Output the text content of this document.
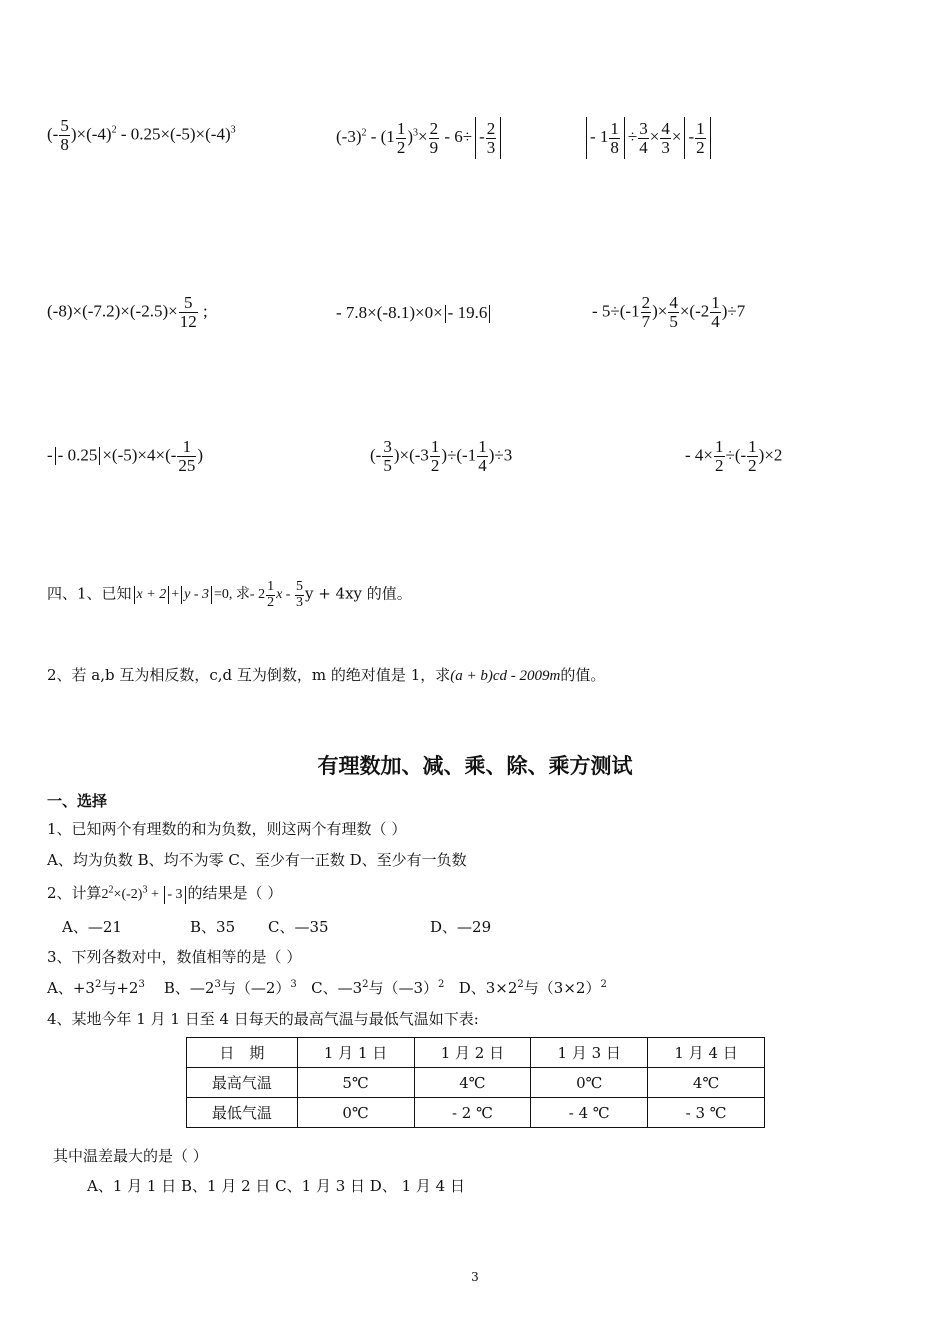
(- $\frac{5}{8} )\times(-4)^2 - 0.25\times(-5)\times(-4)^3$	$(-3)^2 - (1 \frac{1}{2} )^3\times \frac{2}{9} - 6\div - \frac{2}{3}$	- $1 \frac{1}{8} \div \frac{3}{4} \times \frac{4}{3}$ × - $\frac{1}{2}$
$(-8)\times(-7.2)\times(-2.5)\times \frac{5}{12}$ ;	- 7.8×(-8.1)×0× - 19.6	- $5\div(-1 \frac{2}{7}$ )× $\frac{4}{5} \times(-2 \frac{1}{4} )\div 7$
- - $0.25 \times(-5)\times 4\times(- \frac{1}{25}$ )	(- $\frac{3}{5} )\times(-3 \frac{1}{2} )\div(-1 \frac{1}{4} )\div 3$	- $4\times \frac{1}{2}$ ÷(- $\frac{1}{2} )\times 2$
四、1、已知 x + 2 + y - 3 =0, 求- $2 \frac{1}{2}$ x - $\frac{5}{3}$ y + 4xy 的值。
2、若 a,b 互为相反数，c,d 互为倒数，m 的绝对值是 1，求(a + b)cd - 2009m的值。
有理数加、减、乘、除、乘方测试
一、选择
1、已知两个有理数的和为负数，则这两个有理数（ ）
A、均为负数 B、均不为零 C、至少有一正数 D、至少有一负数
2、计算$2^2\times(-2)^3$ + - 3 的结果是（ ）
A、—21	B、35 C、—35	D、—29
3、下列各数对中，数值相等的是（ ）
A、$+3^2$与$+2^3$ B、$—2^3$与（—2）$^3$ C、$—3^2$与（—3）$^2$ D、$3\times 2^2$与$(3\times 2)^2$
4、某地今年 1 月 1 日至 4 日每天的最高气温与最低气温如下表:
日　期	1 月 1 日	1 月 2 日	1 月 3 日	1 月 4 日
最高气温	5℃	4℃	0℃	4℃
最低气温	0℃	- 2 ℃	- 4 ℃	- 3 ℃
其中温差最大的是（ ）
A、1 月 1 日 B、1 月 2 日 C、1 月 3 日 D、 1 月 4 日
3
